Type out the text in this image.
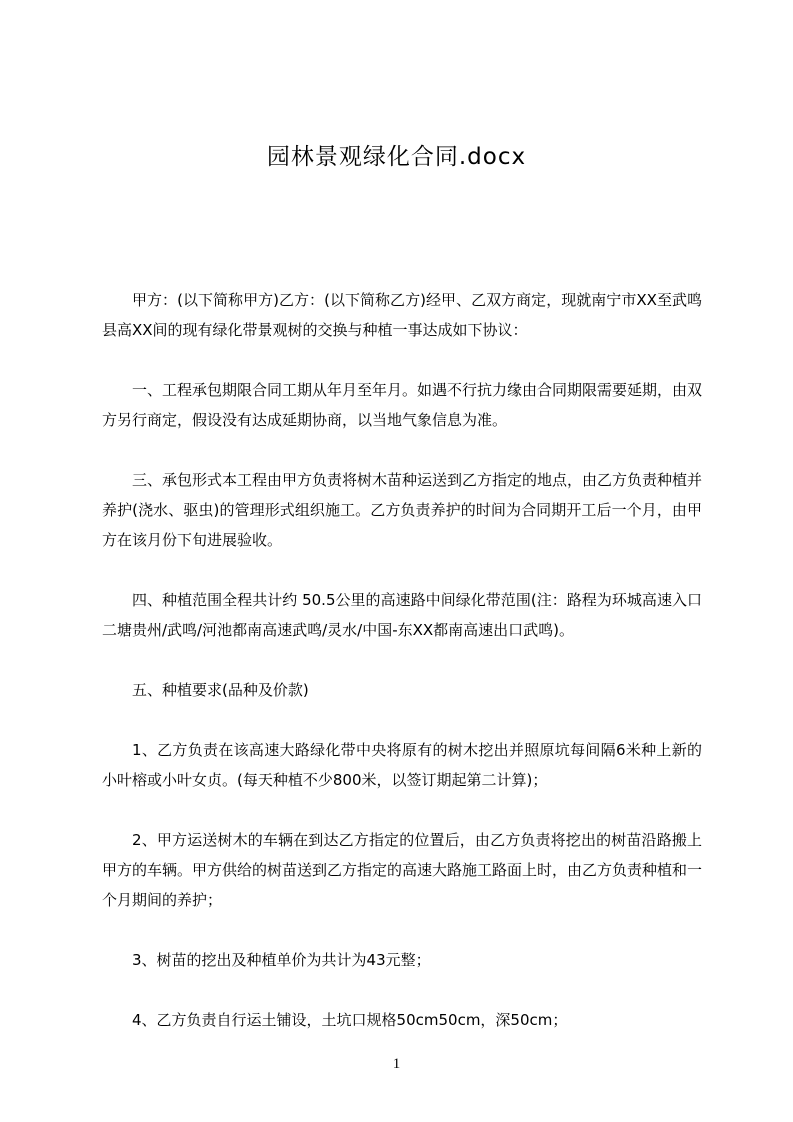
园林景观绿化合同.docx

甲方：(以下简称甲方)乙方：(以下简称乙方)经甲、乙双方商定，现就南宁市XX至武鸣县高XX间的现有绿化带景观树的交换与种植一事达成如下协议：

一、工程承包期限合同工期从年月至年月。如遇不行抗力缘由合同期限需要延期，由双方另行商定，假设没有达成延期协商，以当地气象信息为准。

三、承包形式本工程由甲方负责将树木苗种运送到乙方指定的地点，由乙方负责种植并养护(浇水、驱虫)的管理形式组织施工。乙方负责养护的时间为合同期开工后一个月，由甲方在该月份下旬进展验收。

四、种植范围全程共计约 50.5公里的高速路中间绿化带范围(注：路程为环城高速入口二塘贵州/武鸣/河池都南高速武鸣/灵水/中国-东XX都南高速出口武鸣)。

五、种植要求(品种及价款)

1、乙方负责在该高速大路绿化带中央将原有的树木挖出并照原坑每间隔6米种上新的小叶榕或小叶女贞。(每天种植不少800米，以签订期起第二计算)；

2、甲方运送树木的车辆在到达乙方指定的位置后，由乙方负责将挖出的树苗沿路搬上甲方的车辆。甲方供给的树苗送到乙方指定的高速大路施工路面上时，由乙方负责种植和一个月期间的养护；

3、树苗的挖出及种植单价为共计为43元整；

4、乙方负责自行运土铺设，土坑口规格50cm50cm，深50cm；

1
